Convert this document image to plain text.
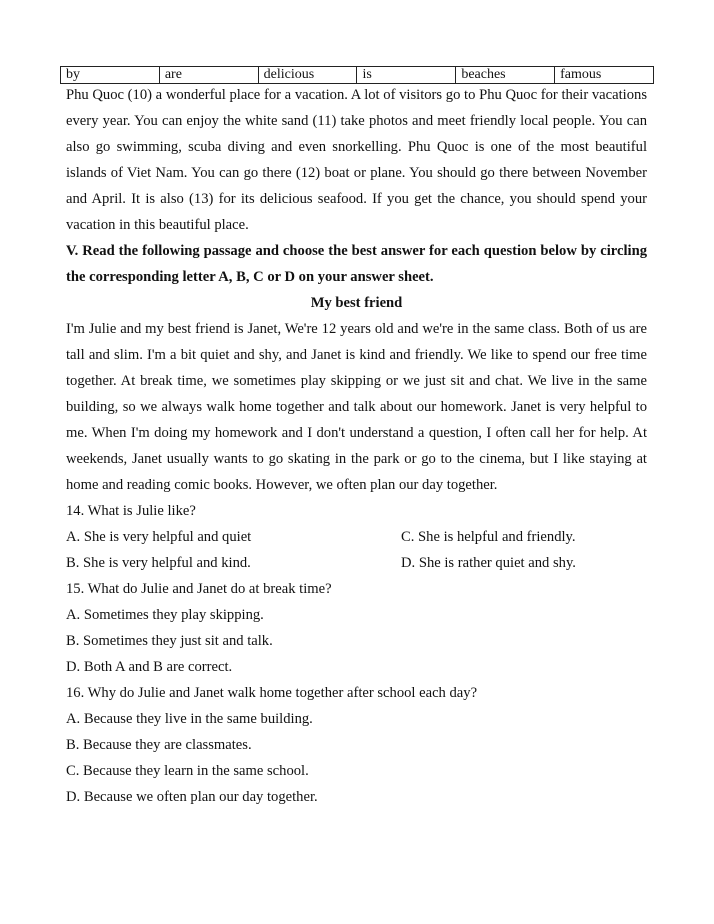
by	are	delicious	is	beaches	famous

Phu Quoc (10) a wonderful place for a vacation. A lot of visitors go to Phu Quoc for their vacations every year. You can enjoy the white sand (11) take photos and meet friendly local people. You can also go swimming, scuba diving and even snorkelling. Phu Quoc is one of the most beautiful islands of Viet Nam. You can go there (12) boat or plane. You should go there between November and April. It is also (13) for its delicious seafood. If you get the chance, you should spend your vacation in this beautiful place.

V. Read the following passage and choose the best answer for each question below by circling the corresponding letter A, B, C or D on your answer sheet.

My best friend

I'm Julie and my best friend is Janet, We're 12 years old and we're in the same class. Both of us are tall and slim. I'm a bit quiet and shy, and Janet is kind and friendly. We like to spend our free time together. At break time, we sometimes play skipping or we just sit and chat. We live in the same building, so we always walk home together and talk about our homework. Janet is very helpful to me. When I'm doing my homework and I don't understand a question, I often call her for help. At weekends, Janet usually wants to go skating in the park or go to the cinema, but I like staying at home and reading comic books. However, we often plan our day together.

14. What is Julie like?

A. She is very helpful and quiet	C. She is helpful and friendly.
B. She is very helpful and kind.	D. She is rather quiet and shy.

15. What do Julie and Janet do at break time?

A. Sometimes they play skipping.

B. Sometimes they just sit and talk.

D. Both A and B are correct.

16. Why do Julie and Janet walk home together after school each day?

A. Because they live in the same building.

B. Because they are classmates.

C. Because they learn in the same school.

D. Because we often plan our day together.
